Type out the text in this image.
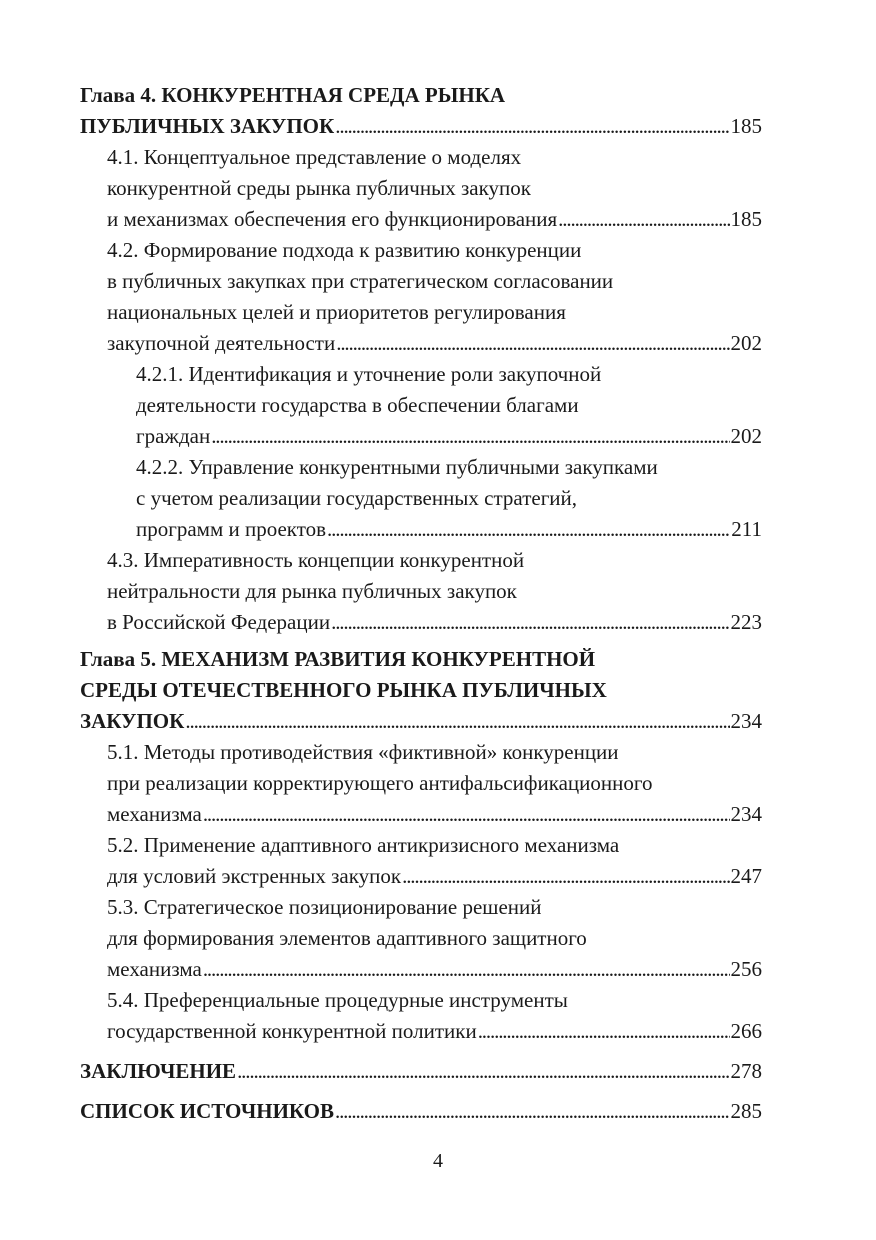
Глава 4. КОНКУРЕНТНАЯ СРЕДА РЫНКА
ПУБЛИЧНЫХ ЗАКУПОК . . .	185
4.1. Концептуальное представление о моделях
конкурентной среды рынка публичных закупок
и механизмах обеспечения его функционирования . . .	185
4.2. Формирование подхода к развитию конкуренции
в публичных закупках при стратегическом согласовании
национальных целей и приоритетов регулирования
закупочной деятельности . . .	202
4.2.1. Идентификация и уточнение роли закупочной
деятельности государства в обеспечении благами
граждан . . .	202
4.2.2. Управление конкурентными публичными закупками
с учетом реализации государственных стратегий,
программ и проектов . . .	211
4.3. Императивность концепции конкурентной
нейтральности для рынка публичных закупок
в Российской Федерации . . .	223
Глава 5. МЕХАНИЗМ РАЗВИТИЯ КОНКУРЕНТНОЙ
СРЕДЫ ОТЕЧЕСТВЕННОГО РЫНКА ПУБЛИЧНЫХ
ЗАКУПОК . . .	234
5.1. Методы противодействия «фиктивной» конкуренции
при реализации корректирующего антифальсификационного
механизма . . .	234
5.2. Применение адаптивного антикризисного механизма
для условий экстренных закупок . . .	247
5.3. Стратегическое позиционирование решений
для формирования элементов адаптивного защитного
механизма . . .	256
5.4. Преференциальные процедурные инструменты
государственной конкурентной политики . . .	266
ЗАКЛЮЧЕНИЕ . . .	278
СПИСОК ИСТОЧНИКОВ . . .	285
4
